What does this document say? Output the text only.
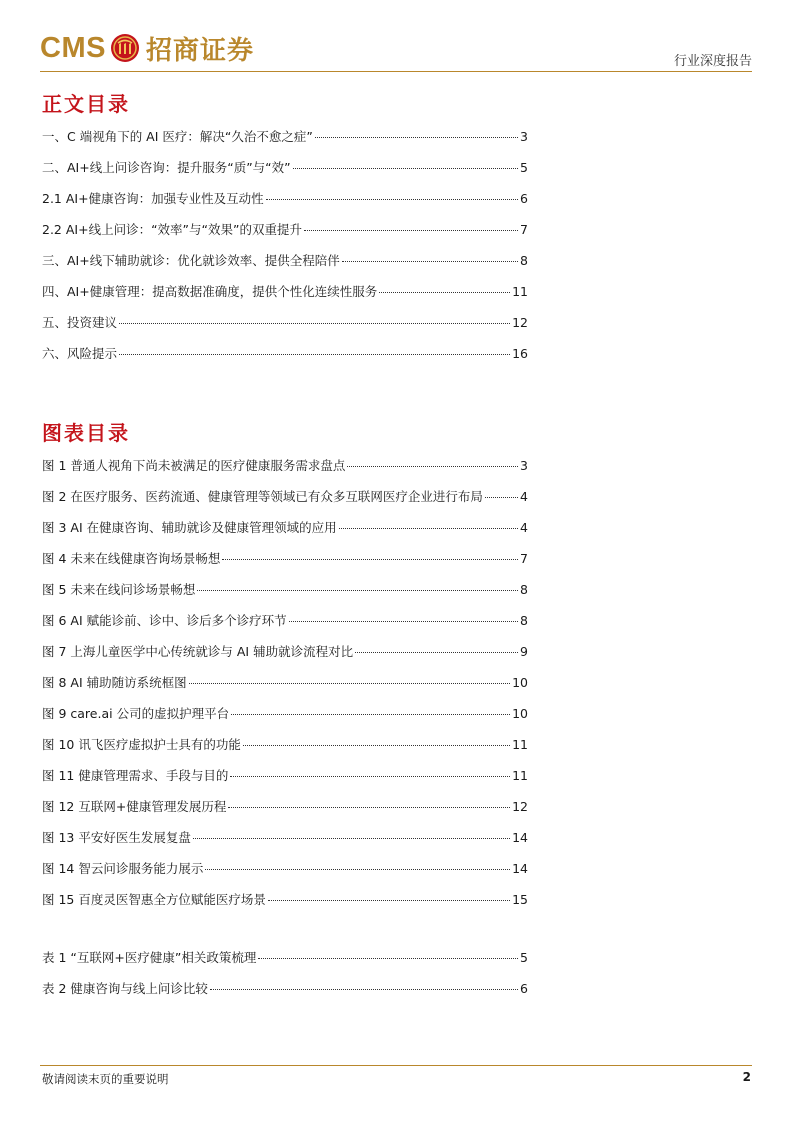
CMS 招商证券	行业深度报告
正文目录
一、C 端视角下的 AI 医疗：解决“久治不愈之症”	3
二、AI+线上问诊咨询：提升服务“质”与“效”	5
2.1 AI+健康咨询：加强专业性及互动性	6
2.2 AI+线上问诊：“效率”与“效果”的双重提升	7
三、AI+线下辅助就诊：优化就诊效率、提供全程陪伴	8
四、AI+健康管理：提高数据准确度，提供个性化连续性服务	11
五、投资建议	12
六、风险提示	16
图表目录
图 1 普通人视角下尚未被满足的医疗健康服务需求盘点	3
图 2 在医疗服务、医药流通、健康管理等领域已有众多互联网医疗企业进行布局	4
图 3 AI 在健康咨询、辅助就诊及健康管理领域的应用	4
图 4 未来在线健康咨询场景畅想	7
图 5 未来在线问诊场景畅想	8
图 6 AI 赋能诊前、诊中、诊后多个诊疗环节	8
图 7 上海儿童医学中心传统就诊与 AI 辅助就诊流程对比	9
图 8 AI 辅助随访系统框图	10
图 9 care.ai 公司的虚拟护理平台	10
图 10 讯飞医疗虚拟护士具有的功能	11
图 11 健康管理需求、手段与目的	11
图 12 互联网+健康管理发展历程	12
图 13 平安好医生发展复盘	14
图 14 智云问诊服务能力展示	14
图 15 百度灵医智惠全方位赋能医疗场景	15
表 1 “互联网+医疗健康”相关政策梳理	5
表 2 健康咨询与线上问诊比较	6
敬请阅读末页的重要说明	2
